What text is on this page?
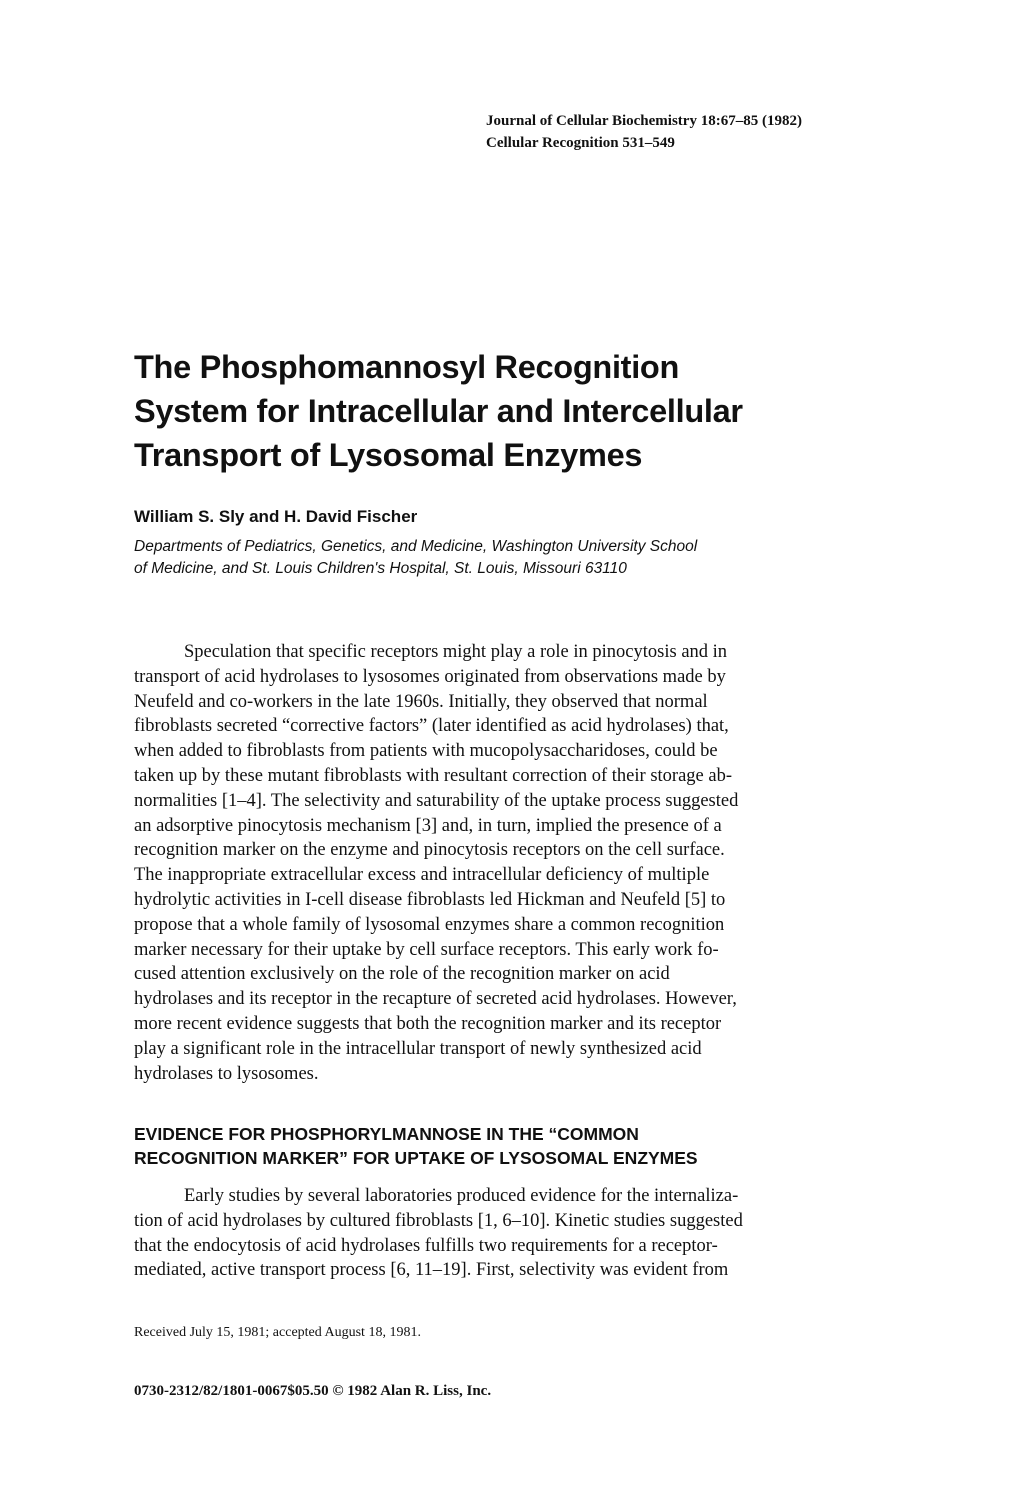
Journal of Cellular Biochemistry 18:67–85 (1982)
Cellular Recognition 531–549
The Phosphomannosyl Recognition
System for Intracellular and Intercellular
Transport of Lysosomal Enzymes
William S. Sly and H. David Fischer
Departments of Pediatrics, Genetics, and Medicine, Washington University School
of Medicine, and St. Louis Children's Hospital, St. Louis, Missouri 63110
Speculation that specific receptors might play a role in pinocytosis and in
transport of acid hydrolases to lysosomes originated from observations made by
Neufeld and co-workers in the late 1960s. Initially, they observed that normal
fibroblasts secreted “corrective factors” (later identified as acid hydrolases) that,
when added to fibroblasts from patients with mucopolysaccharidoses, could be
taken up by these mutant fibroblasts with resultant correction of their storage ab-
normalities [1–4]. The selectivity and saturability of the uptake process suggested
an adsorptive pinocytosis mechanism [3] and, in turn, implied the presence of a
recognition marker on the enzyme and pinocytosis receptors on the cell surface.
The inappropriate extracellular excess and intracellular deficiency of multiple
hydrolytic activities in I-cell disease fibroblasts led Hickman and Neufeld [5] to
propose that a whole family of lysosomal enzymes share a common recognition
marker necessary for their uptake by cell surface receptors. This early work fo-
cused attention exclusively on the role of the recognition marker on acid
hydrolases and its receptor in the recapture of secreted acid hydrolases. However,
more recent evidence suggests that both the recognition marker and its receptor
play a significant role in the intracellular transport of newly synthesized acid
hydrolases to lysosomes.
EVIDENCE FOR PHOSPHORYLMANNOSE IN THE “COMMON
RECOGNITION MARKER” FOR UPTAKE OF LYSOSOMAL ENZYMES
Early studies by several laboratories produced evidence for the internaliza-
tion of acid hydrolases by cultured fibroblasts [1, 6–10]. Kinetic studies suggested
that the endocytosis of acid hydrolases fulfills two requirements for a receptor-
mediated, active transport process [6, 11–19]. First, selectivity was evident from
Received July 15, 1981; accepted August 18, 1981.
0730-2312/82/1801-0067$05.50 © 1982 Alan R. Liss, Inc.
